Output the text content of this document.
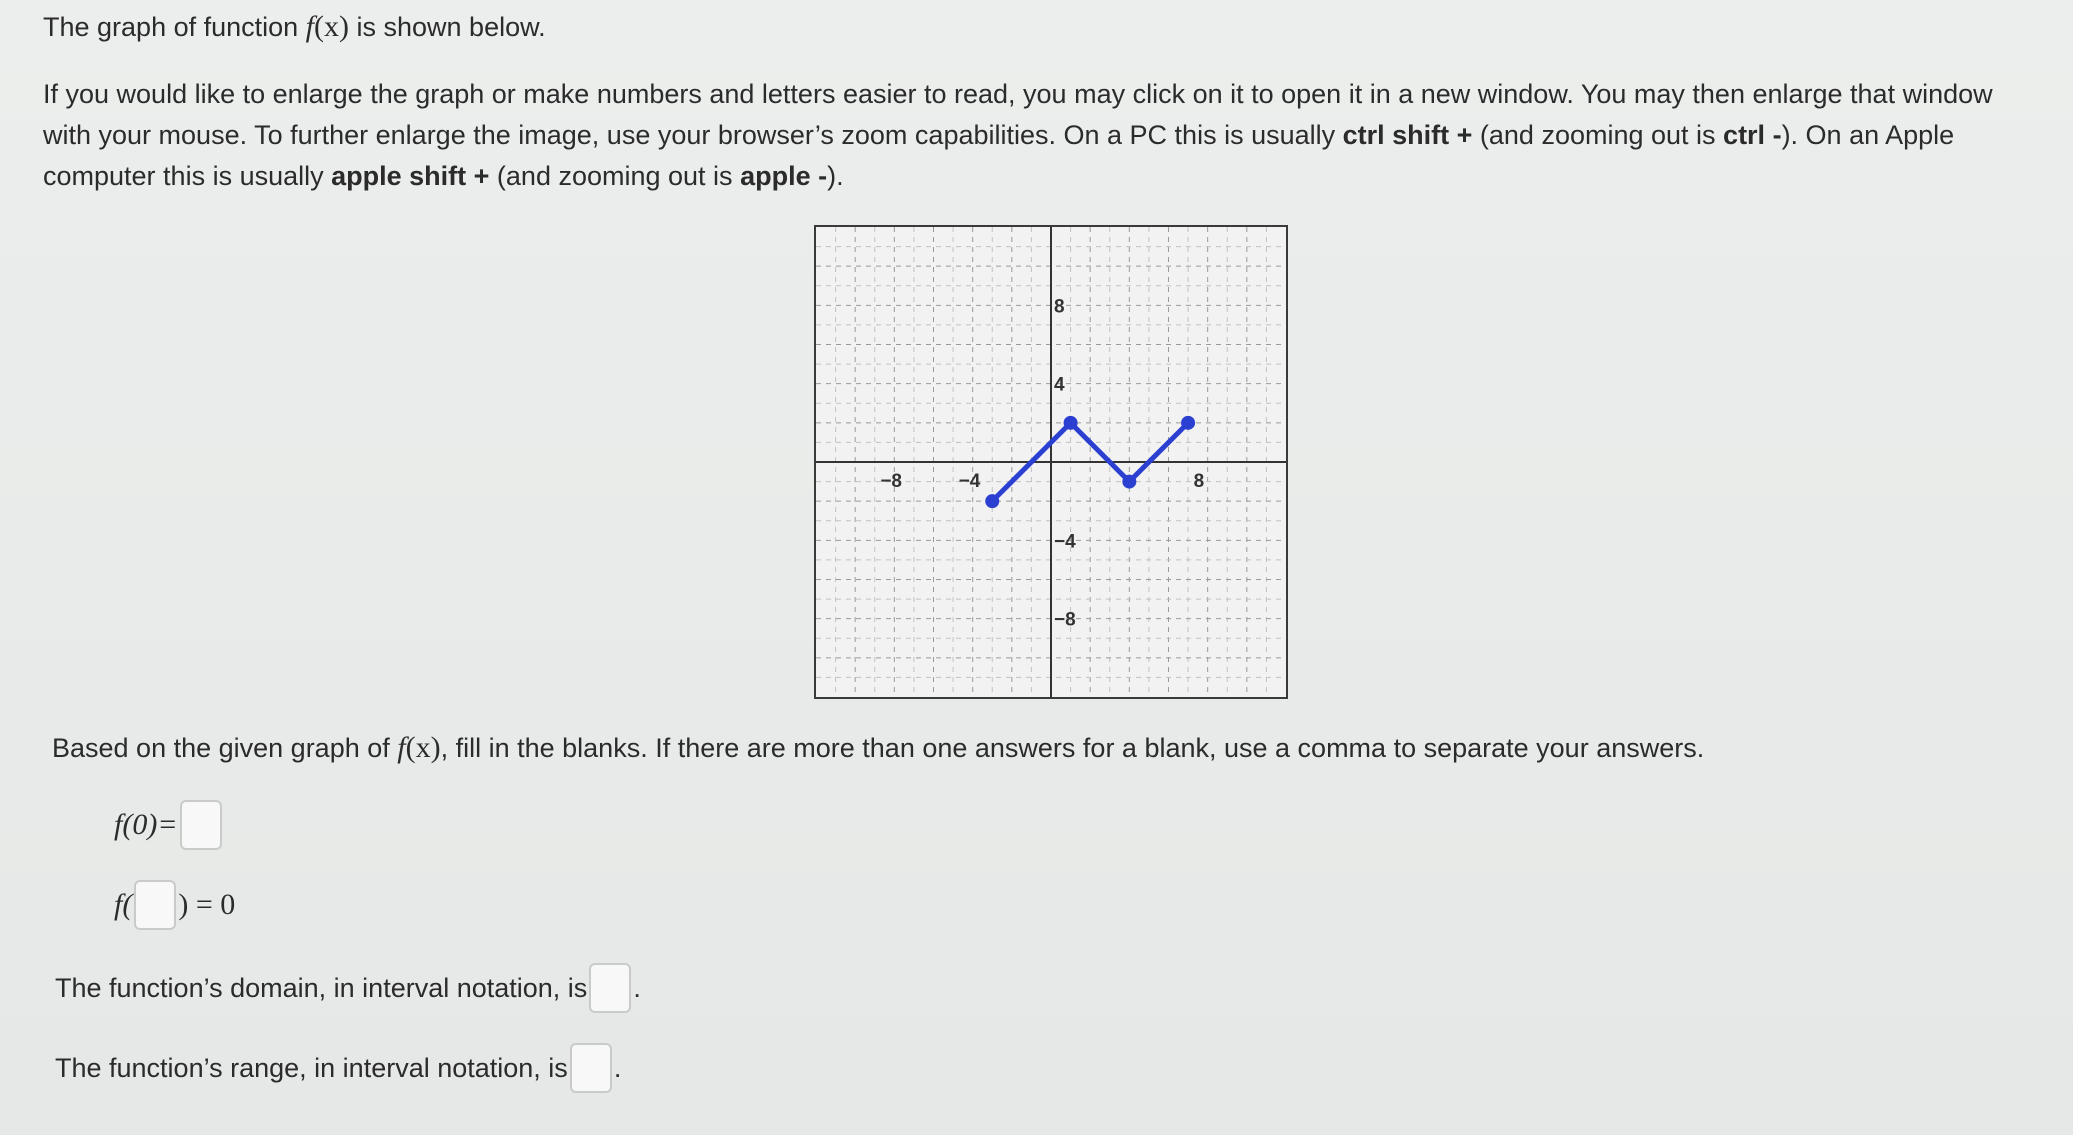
The graph of function f(x) is shown below.

If you would like to enlarge the graph or make numbers and letters easier to read, you may click on it to open it in a new window. You may then enlarge that window with your mouse. To further enlarge the image, use your browser’s zoom capabilities. On a PC this is usually ctrl shift + (and zooming out is ctrl -). On an Apple computer this is usually apple shift + (and zooming out is apple -).

−8	−4	8
8
4
−4
−8

Based on the given graph of f(x), fill in the blanks. If there are more than one answers for a blank, use a comma to separate your answers.

f(0)=
f( ) = 0
The function’s domain, in interval notation, is .
The function’s range, in interval notation, is .
